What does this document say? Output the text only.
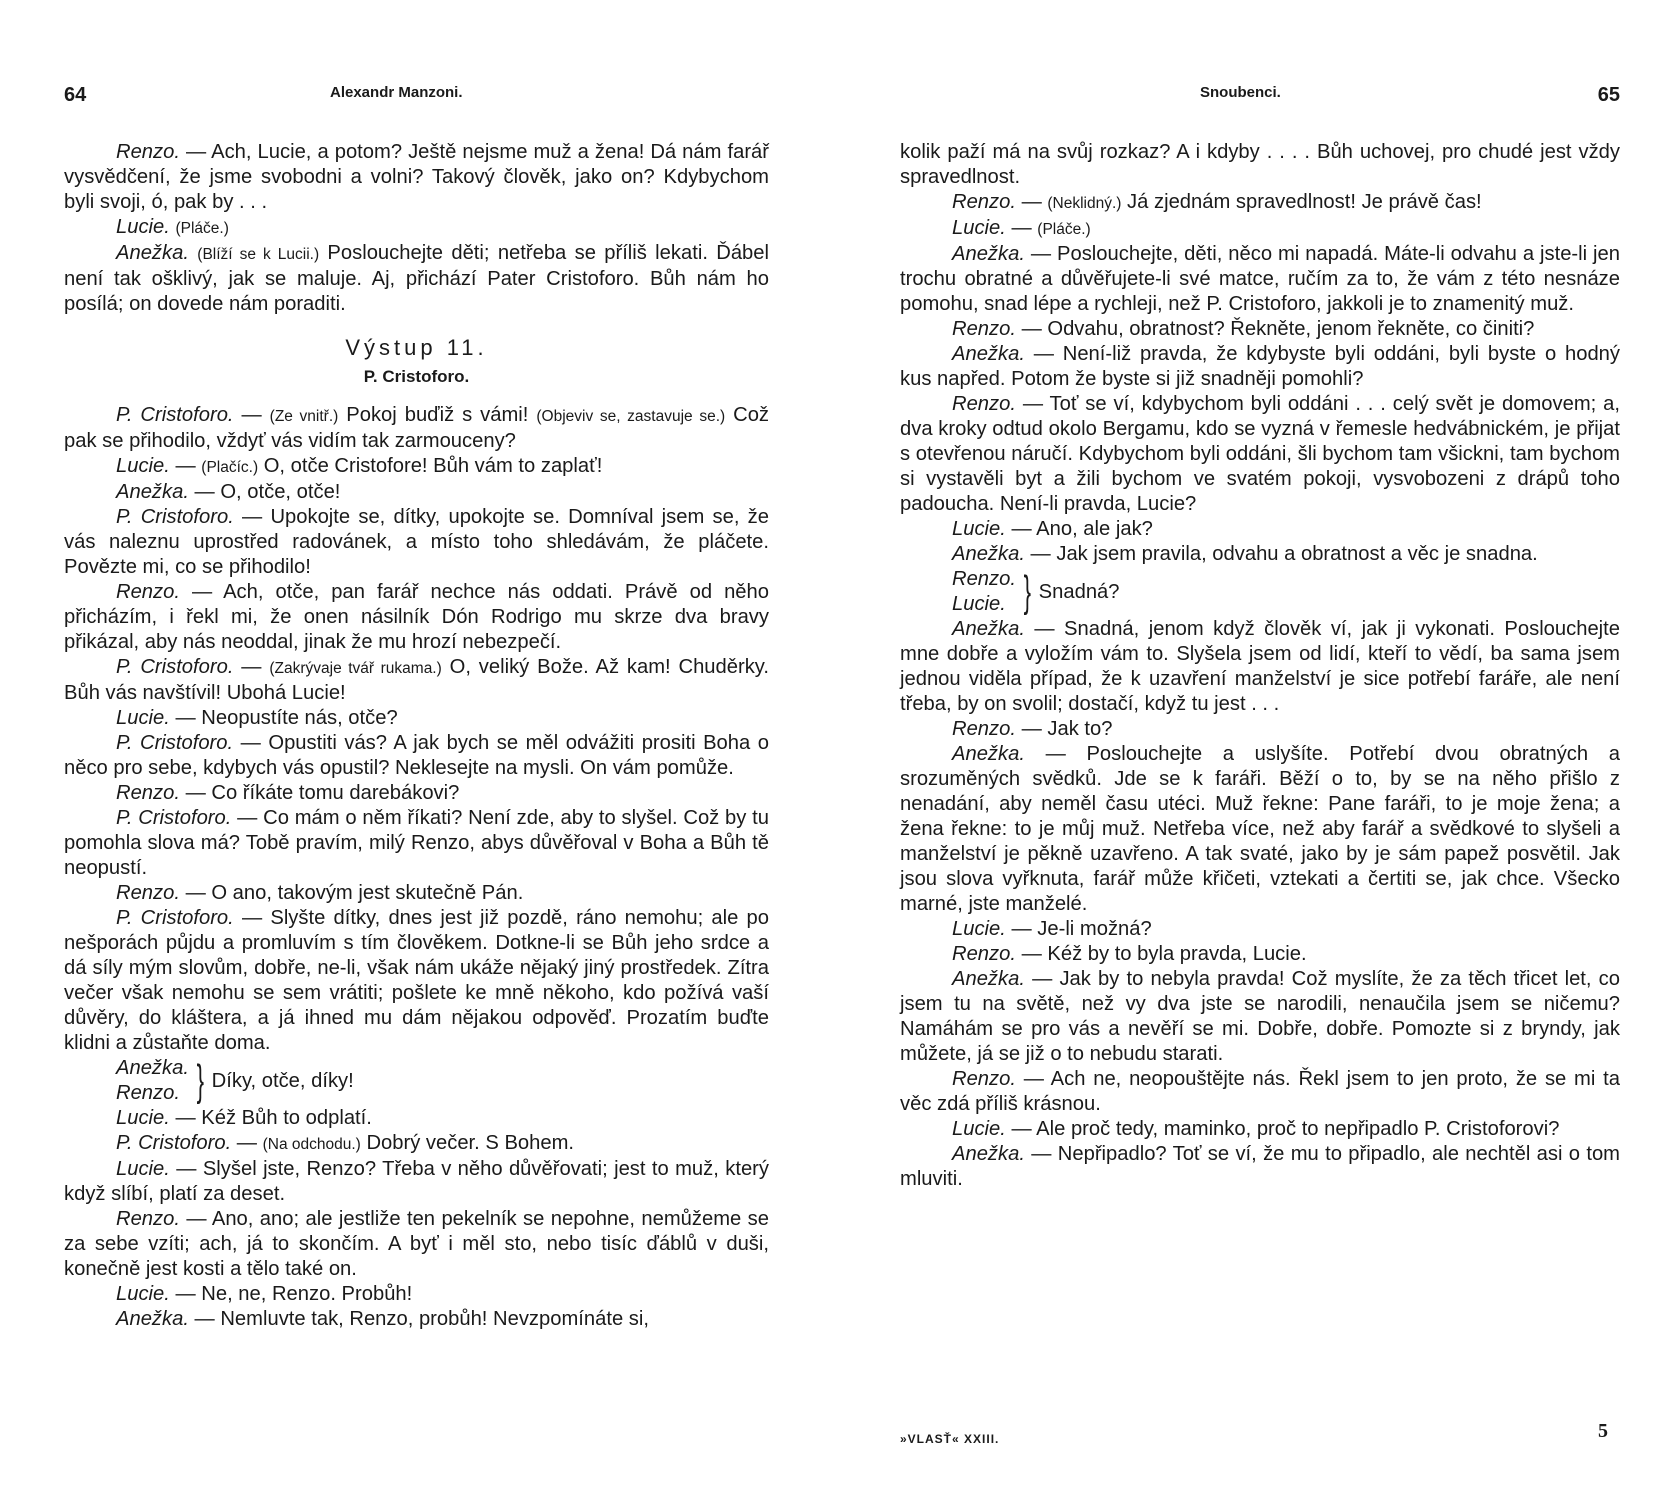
64	Alexandr Manzoni.

Renzo. — Ach, Lucie, a potom? Ještě nejsme muž a žena! Dá nám farář vysvědčení, že jsme svobodni a volni? Takový člověk, jako on? Kdybychom byli svoji, ó, pak by . . .

Lucie. (Pláče.)

Anežka. (Blíží se k Lucii.) Poslouchejte děti; netřeba se příliš lekati. Ďábel není tak ošklivý, jak se maluje. Aj, přichází Pater Cristoforo. Bůh nám ho posílá; on dovede nám poraditi.

Výstup 11.

P. Cristoforo.

P. Cristoforo. — (Ze vnitř.) Pokoj buďiž s vámi! (Objeviv se, zastavuje se.) Což pak se přihodilo, vždyť vás vidím tak zarmouceny?

Lucie. — (Plačíc.) O, otče Cristofore! Bůh vám to zaplať!

Anežka. — O, otče, otče!

P. Cristoforo. — Upokojte se, dítky, upokojte se. Domníval jsem se, že vás naleznu uprostřed radovánek, a místo toho shledávám, že pláčete. Povězte mi, co se přihodilo!

Renzo. — Ach, otče, pan farář nechce nás oddati. Právě od něho přicházím, i řekl mi, že onen násilník Dón Rodrigo mu skrze dva bravy přikázal, aby nás neoddal, jinak že mu hrozí nebezpečí.

P. Cristoforo. — (Zakrývaje tvář rukama.) O, veliký Bože. Až kam! Chuděrky. Bůh vás navštívil! Ubohá Lucie!

Lucie. — Neopustíte nás, otče?

P. Cristoforo. — Opustiti vás? A jak bych se měl odvážiti prositi Boha o něco pro sebe, kdybych vás opustil? Neklesejte na mysli. On vám pomůže.

Renzo. — Co říkáte tomu darebákovi?

P. Cristoforo. — Co mám o něm říkati? Není zde, aby to slyšel. Což by tu pomohla slova má? Tobě pravím, milý Renzo, abys důvěřoval v Boha a Bůh tě neopustí.

Renzo. — O ano, takovým jest skutečně Pán.

P. Cristoforo. — Slyšte dítky, dnes jest již pozdě, ráno nemohu; ale po nešporách půjdu a promluvím s tím člověkem. Dotkne-li se Bůh jeho srdce a dá síly mým slovům, dobře, ne-li, však nám ukáže nějaký jiný prostředek. Zítra večer však nemohu se sem vrátiti; pošlete ke mně někoho, kdo požívá vaší důvěry, do kláštera, a já ihned mu dám nějakou odpověď. Prozatím buďte klidni a zůstaňte doma.

Anežka.
Renzo. } Díky, otče, díky!

Lucie. — Kéž Bůh to odplatí.

P. Cristoforo. — (Na odchodu.) Dobrý večer. S Bohem.

Lucie. — Slyšel jste, Renzo? Třeba v něho důvěřovati; jest to muž, který když slíbí, platí za deset.

Renzo. — Ano, ano; ale jestliže ten pekelník se nepohne, nemůžeme se za sebe vzíti; ach, já to skončím. A byť i měl sto, nebo tisíc ďáblů v duši, konečně jest kosti a tělo také on.

Lucie. — Ne, ne, Renzo. Probůh!

Anežka. — Nemluvte tak, Renzo, probůh! Nevzpomínáte si,

Snoubenci.	65

kolik paží má na svůj rozkaz? A i kdyby . . . . Bůh uchovej, pro chudé jest vždy spravedlnost.

Renzo. — (Neklidný.) Já zjednám spravedlnost! Je právě čas!

Lucie. — (Pláče.)

Anežka. — Poslouchejte, děti, něco mi napadá. Máte-li odvahu a jste-li jen trochu obratné a důvěřujete-li své matce, ručím za to, že vám z této nesnáze pomohu, snad lépe a rychleji, než P. Cristoforo, jakkoli je to znamenitý muž.

Renzo. — Odvahu, obratnost? Řekněte, jenom řekněte, co činiti?

Anežka. — Není-liž pravda, že kdybyste byli oddáni, byli byste o hodný kus napřed. Potom že byste si již snadněji pomohli?

Renzo. — Toť se ví, kdybychom byli oddáni . . . celý svět je domovem; a, dva kroky odtud okolo Bergamu, kdo se vyzná v řemesle hedvábnickém, je přijat s otevřenou náručí. Kdybychom byli oddáni, šli bychom tam všickni, tam bychom si vystavěli byt a žili bychom ve svatém pokoji, vysvobozeni z drápů toho padoucha. Není-li pravda, Lucie?

Lucie. — Ano, ale jak?

Anežka. — Jak jsem pravila, odvahu a obratnost a věc je snadna.

Renzo.
Lucie. } Snadná?

Anežka. — Snadná, jenom když člověk ví, jak ji vykonati. Poslouchejte mne dobře a vyložím vám to. Slyšela jsem od lidí, kteří to vědí, ba sama jsem jednou viděla případ, že k uzavření manželství je sice potřebí faráře, ale není třeba, by on svolil; dostačí, když tu jest . . .

Renzo. — Jak to?

Anežka. — Poslouchejte a uslyšíte. Potřebí dvou obratných a srozuměných svědků. Jde se k faráři. Běží o to, by se na něho přišlo z nenadání, aby neměl času utéci. Muž řekne: Pane faráři, to je moje žena; a žena řekne: to je můj muž. Netřeba více, než aby farář a svědkové to slyšeli a manželství je pěkně uzavřeno. A tak svaté, jako by je sám papež posvětil. Jak jsou slova vyřknuta, farář může křičeti, vztekati a čertiti se, jak chce. Všecko marné, jste manželé.

Lucie. — Je-li možná?

Renzo. — Kéž by to byla pravda, Lucie.

Anežka. — Jak by to nebyla pravda! Což myslíte, že za těch třicet let, co jsem tu na světě, než vy dva jste se narodili, nenaučila jsem se ničemu? Namáhám se pro vás a nevěří se mi. Dobře, dobře. Pomozte si z bryndy, jak můžete, já se již o to nebudu starati.

Renzo. — Ach ne, neopouštějte nás. Řekl jsem to jen proto, že se mi ta věc zdá příliš krásnou.

Lucie. — Ale proč tedy, maminko, proč to nepřipadlo P. Cristoforovi?

Anežka. — Nepřipadlo? Toť se ví, že mu to připadlo, ale nechtěl asi o tom mluviti.

»VLASŤ« XXIII.	5
